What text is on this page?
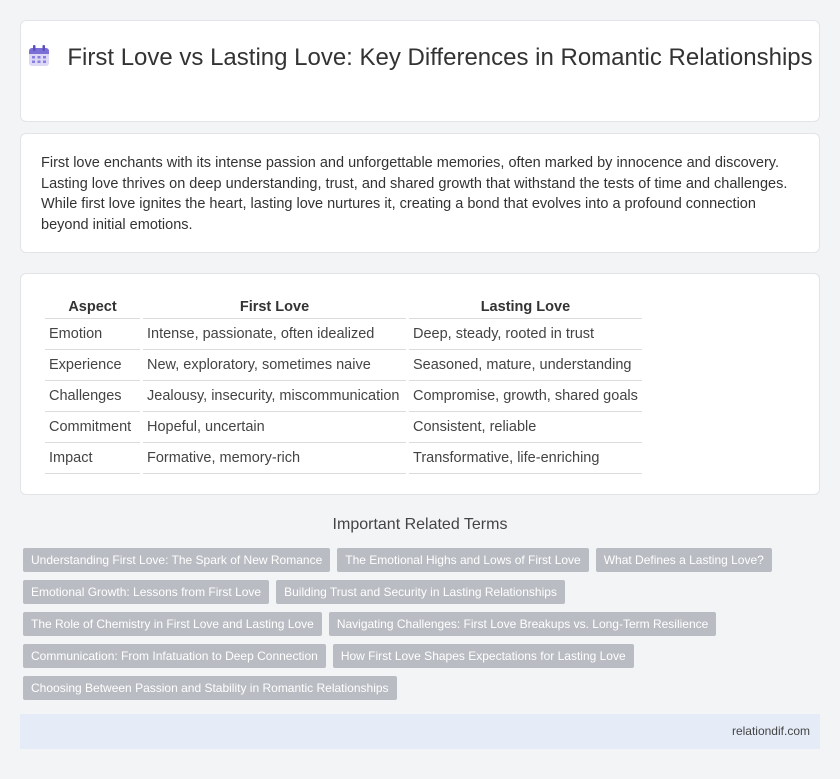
First Love vs Lasting Love: Key Differences in Romantic Relationships

First love enchants with its intense passion and unforgettable memories, often marked by innocence and discovery. Lasting love thrives on deep understanding, trust, and shared growth that withstand the tests of time and challenges. While first love ignites the heart, lasting love nurtures it, creating a bond that evolves into a profound connection beyond initial emotions.

Aspect	First Love	Lasting Love
Emotion	Intense, passionate, often idealized	Deep, steady, rooted in trust
Experience	New, exploratory, sometimes naive	Seasoned, mature, understanding
Challenges	Jealousy, insecurity, miscommunication	Compromise, growth, shared goals
Commitment	Hopeful, uncertain	Consistent, reliable
Impact	Formative, memory-rich	Transformative, life-enriching
Important Related Terms
Understanding First Love: The Spark of New Romance	The Emotional Highs and Lows of First Love	What Defines a Lasting Love?
Emotional Growth: Lessons from First Love	Building Trust and Security in Lasting Relationships
The Role of Chemistry in First Love and Lasting Love	Navigating Challenges: First Love Breakups vs. Long-Term Resilience
Communication: From Infatuation to Deep Connection	How First Love Shapes Expectations for Lasting Love
Choosing Between Passion and Stability in Romantic Relationships
relationdif.com
